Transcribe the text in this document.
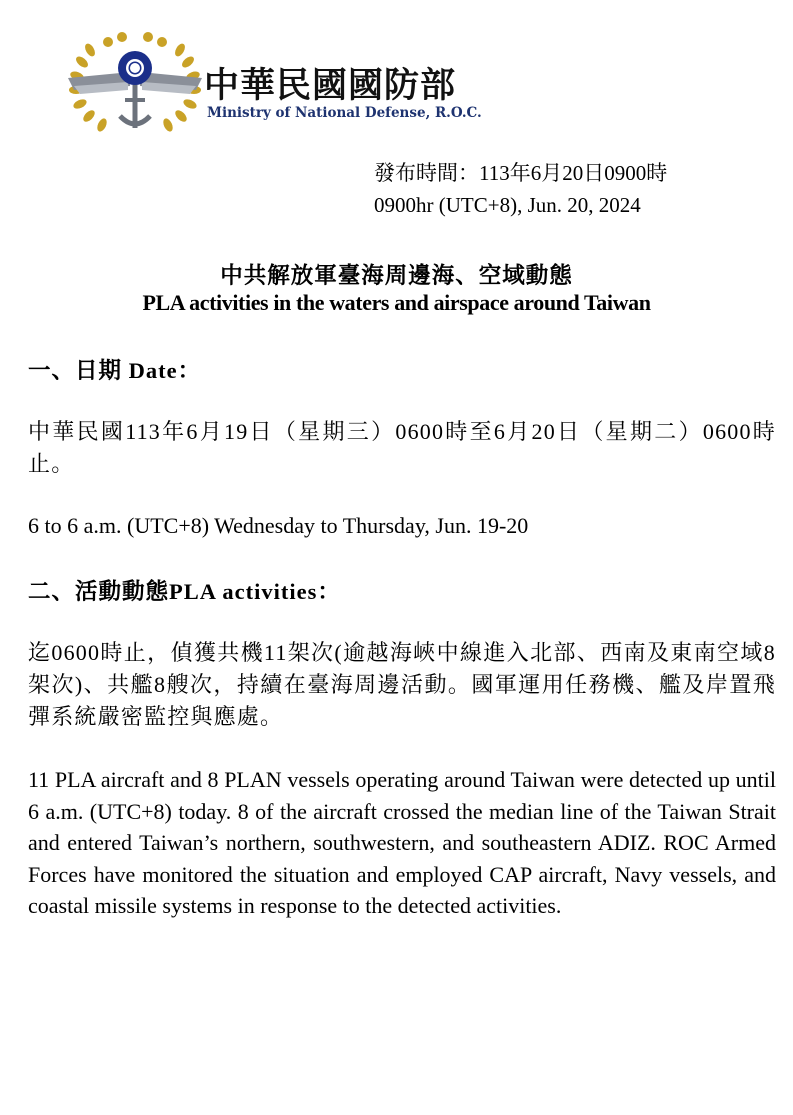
中華民國國防部
Ministry of National Defense, R.O.C.
發布時間：113年6月20日0900時
0900hr (UTC+8), Jun. 20, 2024
中共解放軍臺海周邊海、空域動態
PLA activities in the waters and airspace around Taiwan
一、日期 Date：
中華民國113年6月19日（星期三）0600時至6月20日（星期二）0600時止。
6 to 6 a.m. (UTC+8) Wednesday to Thursday, Jun. 19-20
二、活動動態PLA activities：
迄0600時止，偵獲共機11架次(逾越海峽中線進入北部、西南及東南空域8架次)、共艦8艘次，持續在臺海周邊活動。國軍運用任務機、艦及岸置飛彈系統嚴密監控與應處。
11 PLA aircraft and 8 PLAN vessels operating around Taiwan were detected up until 6 a.m. (UTC+8) today. 8 of the aircraft crossed the median line of the Taiwan Strait and entered Taiwan’s northern, southwestern, and southeastern ADIZ. ROC Armed Forces have monitored the situation and employed CAP aircraft, Navy vessels, and coastal missile systems in response to the detected activities.
